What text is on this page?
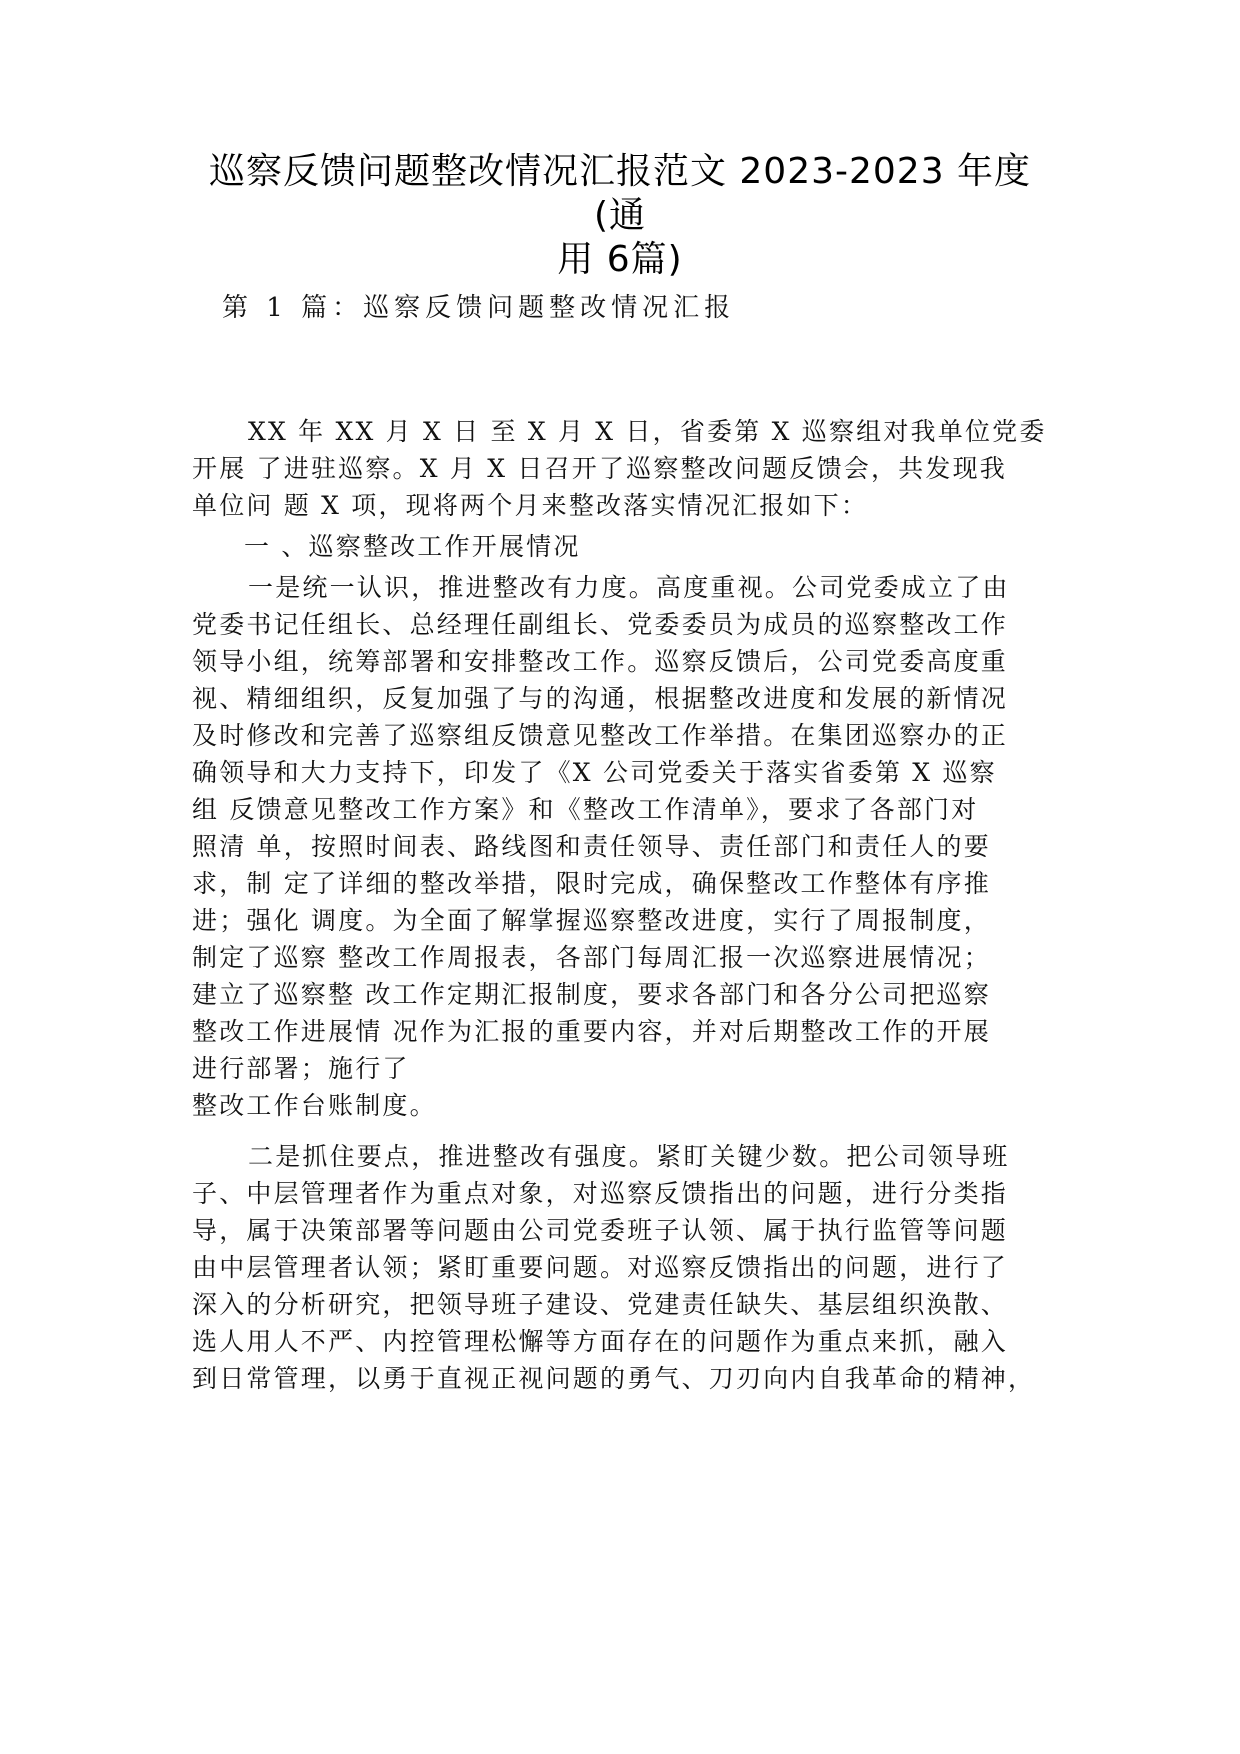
巡察反馈问题整改情况汇报范文 2023-2023 年度(通
用 6篇)
第 1 篇：巡察反馈问题整改情况汇报
XX 年 XX 月 X 日 至 X 月 X 日，省委第 X 巡察组对我单位党委
开展 了进驻巡察。X 月 X 日召开了巡察整改问题反馈会，共发现我
单位问 题 X 项，现将两个月来整改落实情况汇报如下：
一 、巡察整改工作开展情况
一是统一认识，推进整改有力度。高度重视。公司党委成立了由
党委书记任组长、总经理任副组长、党委委员为成员的巡察整改工作
领导小组，统筹部署和安排整改工作。巡察反馈后，公司党委高度重
视、精细组织，反复加强了与的沟通，根据整改进度和发展的新情况
及时修改和完善了巡察组反馈意见整改工作举措。在集团巡察办的正
确领导和大力支持下，印发了《X 公司党委关于落实省委第 X 巡察
组 反馈意见整改工作方案》和《整改工作清单》，要求了各部门对
照清 单，按照时间表、路线图和责任领导、责任部门和责任人的要
求，制 定了详细的整改举措，限时完成，确保整改工作整体有序推
进；强化 调度。为全面了解掌握巡察整改进度，实行了周报制度，
制定了巡察 整改工作周报表，各部门每周汇报一次巡察进展情况；
建立了巡察整 改工作定期汇报制度，要求各部门和各分公司把巡察
整改工作进展情 况作为汇报的重要内容，并对后期整改工作的开展
进行部署；施行了
整改工作台账制度。
二是抓住要点，推进整改有强度。紧盯关键少数。把公司领导班
子、中层管理者作为重点对象，对巡察反馈指出的问题，进行分类指
导，属于决策部署等问题由公司党委班子认领、属于执行监管等问题
由中层管理者认领；紧盯重要问题。对巡察反馈指出的问题，进行了
深入的分析研究，把领导班子建设、党建责任缺失、基层组织涣散、
选人用人不严、内控管理松懈等方面存在的问题作为重点来抓，融入
到日常管理，以勇于直视正视问题的勇气、刀刃向内自我革命的精神，
